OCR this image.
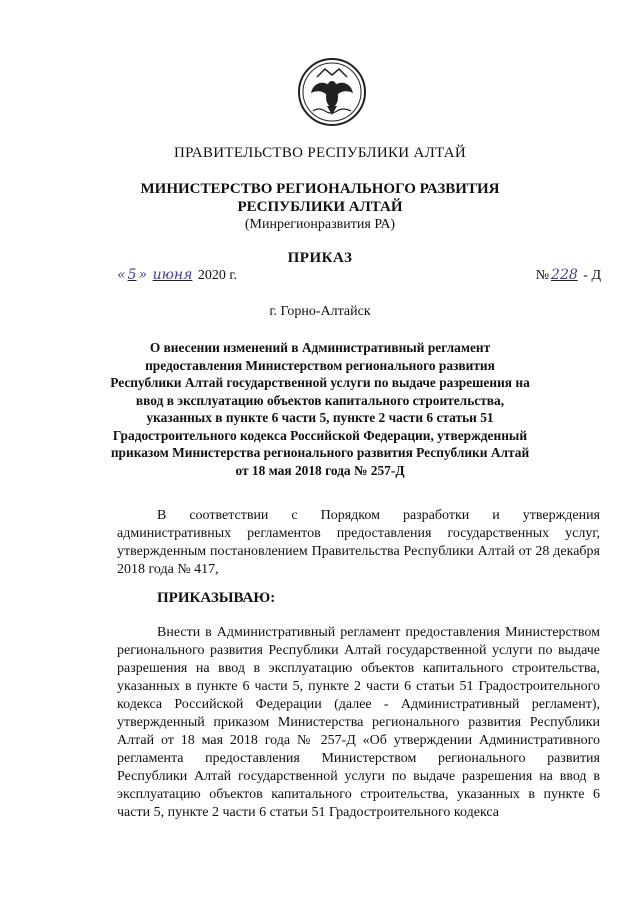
ПРАВИТЕЛЬСТВО РЕСПУБЛИКИ АЛТАЙ
МИНИСТЕРСТВО РЕГИОНАЛЬНОГО РАЗВИТИЯ
РЕСПУБЛИКИ АЛТАЙ
(Минрегионразвития РА)
ПРИКАЗ
« 5 » июня 2020 г.	№ 228 - Д
г. Горно-Алтайск
О внесении изменений в Административный регламент предоставления Министерством регионального развития Республики Алтай государственной услуги по выдаче разрешения на ввод в эксплуатацию объектов капитального строительства, указанных в пункте 6 части 5, пункте 2 части 6 статьи 51 Градостроительного кодекса Российской Федерации, утвержденный приказом Министерства регионального развития Республики Алтай от 18 мая 2018 года № 257-Д
В соответствии с Порядком разработки и утверждения административных регламентов предоставления государственных услуг, утвержденным постановлением Правительства Республики Алтай от 28 декабря 2018 года № 417,
ПРИКАЗЫВАЮ:
Внести в Административный регламент предоставления Министерством регионального развития Республики Алтай государственной услуги по выдаче разрешения на ввод в эксплуатацию объектов капитального строительства, указанных в пункте 6 части 5, пункте 2 части 6 статьи 51 Градостроительного кодекса Российской Федерации (далее - Административный регламент), утвержденный приказом Министерства регионального развития Республики Алтай от 18 мая 2018 года № 257-Д «Об утверждении Административного регламента предоставления Министерством регионального развития Республики Алтай государственной услуги по выдаче разрешения на ввод в эксплуатацию объектов капитального строительства, указанных в пункте 6 части 5, пункте 2 части 6 статьи 51 Градостроительного кодекса
